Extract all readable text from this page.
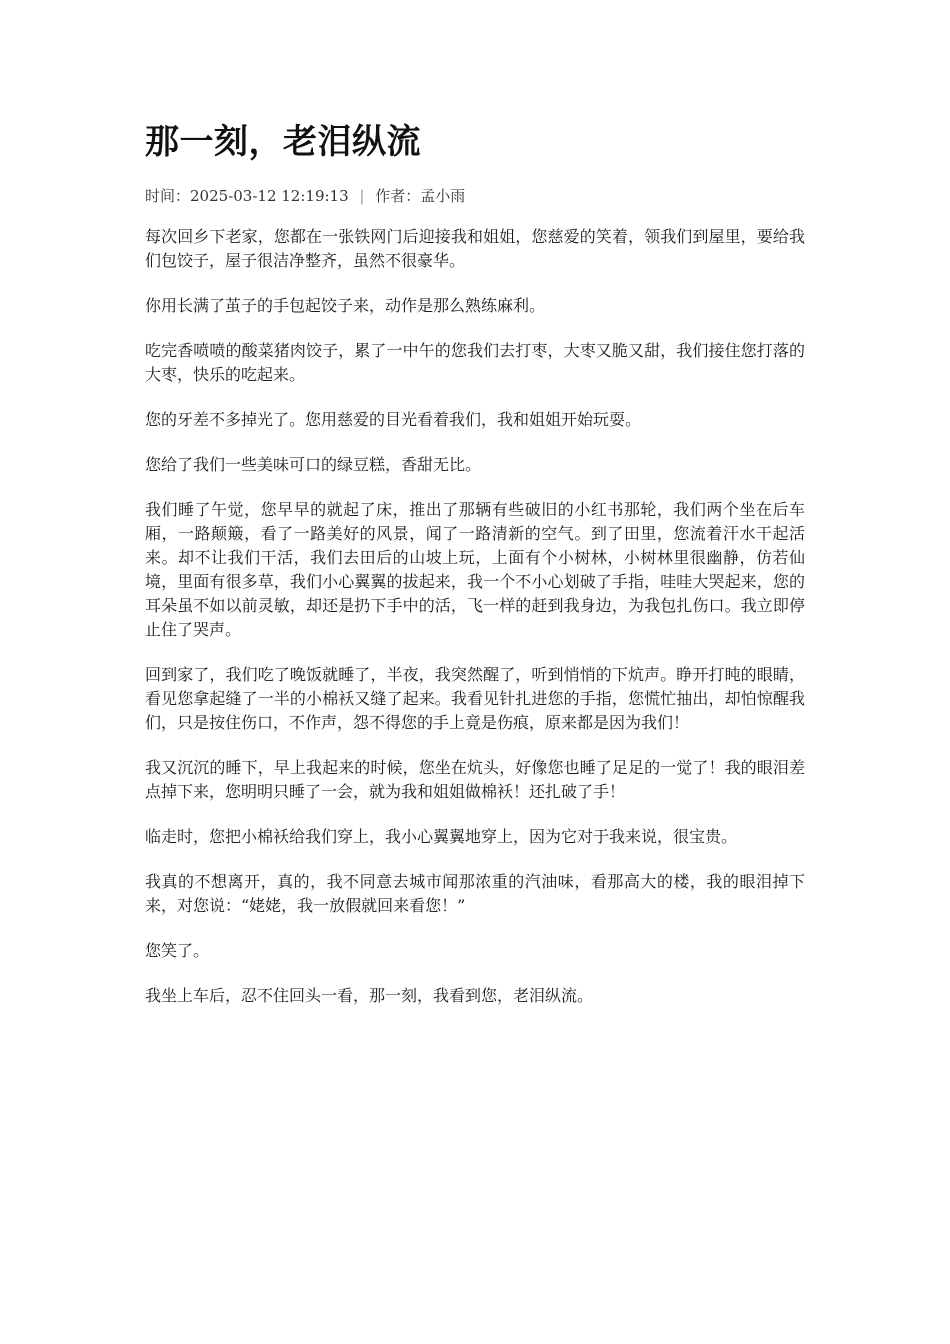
那一刻，老泪纵流
时间：2025-03-12 12:19:13 | 作者：孟小雨

每次回乡下老家，您都在一张铁网门后迎接我和姐姐，您慈爱的笑着，领我们到屋里，要给我们包饺子，屋子很洁净整齐，虽然不很豪华。

你用长满了茧子的手包起饺子来，动作是那么熟练麻利。

吃完香喷喷的酸菜猪肉饺子，累了一中午的您我们去打枣，大枣又脆又甜，我们接住您打落的大枣，快乐的吃起来。

您的牙差不多掉光了。您用慈爱的目光看着我们，我和姐姐开始玩耍。

您给了我们一些美味可口的绿豆糕，香甜无比。

我们睡了午觉，您早早的就起了床，推出了那辆有些破旧的小红书那轮，我们两个坐在后车厢，一路颠簸，看了一路美好的风景，闻了一路清新的空气。到了田里，您流着汗水干起活来。却不让我们干活，我们去田后的山坡上玩，上面有个小树林，小树林里很幽静，仿若仙境，里面有很多草，我们小心翼翼的拔起来，我一个不小心划破了手指，哇哇大哭起来，您的耳朵虽不如以前灵敏，却还是扔下手中的活，飞一样的赶到我身边，为我包扎伤口。我立即停止住了哭声。

回到家了，我们吃了晚饭就睡了，半夜，我突然醒了，听到悄悄的下炕声。睁开打盹的眼睛，看见您拿起缝了一半的小棉袄又缝了起来。我看见针扎进您的手指，您慌忙抽出，却怕惊醒我们，只是按住伤口，不作声，怨不得您的手上竟是伤痕，原来都是因为我们！

我又沉沉的睡下，早上我起来的时候，您坐在炕头，好像您也睡了足足的一觉了！我的眼泪差点掉下来，您明明只睡了一会，就为我和姐姐做棉袄！还扎破了手！

临走时，您把小棉袄给我们穿上，我小心翼翼地穿上，因为它对于我来说，很宝贵。

我真的不想离开，真的，我不同意去城市闻那浓重的汽油味，看那高大的楼，我的眼泪掉下来，对您说：“姥姥，我一放假就回来看您！”

您笑了。

我坐上车后，忍不住回头一看，那一刻，我看到您，老泪纵流。
